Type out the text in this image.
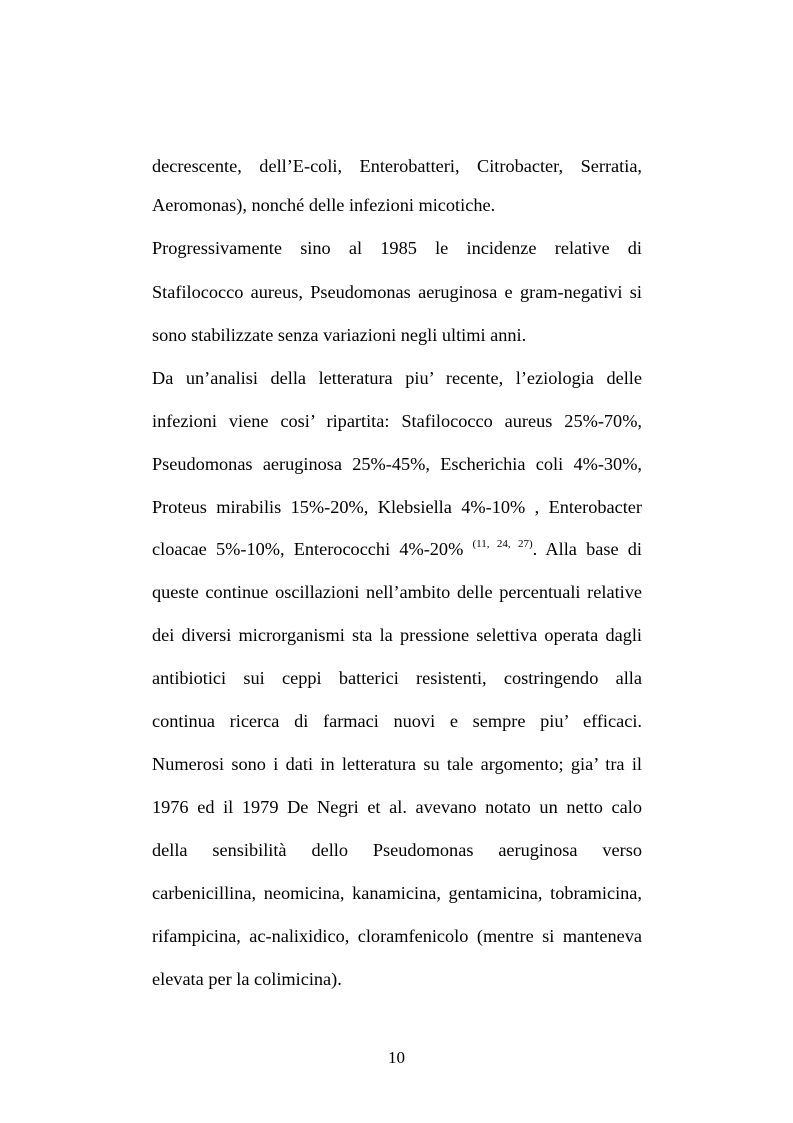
decrescente, dell’E-coli, Enterobatteri, Citrobacter, Serratia,
Aeromonas), nonché delle infezioni micotiche.
Progressivamente sino al 1985 le incidenze relative di
Stafilococco aureus, Pseudomonas aeruginosa e gram-negativi si
sono stabilizzate senza variazioni negli ultimi anni.
Da un’analisi della letteratura piu’ recente, l’eziologia delle
infezioni viene cosi’ ripartita: Stafilococco aureus 25%-70%,
Pseudomonas aeruginosa 25%-45%, Escherichia coli 4%-30%,
Proteus mirabilis 15%-20%, Klebsiella 4%-10% , Enterobacter
cloacae 5%-10%, Enterococchi 4%-20% $^{(11, 24, 27)}$. Alla base di
queste continue oscillazioni nell’ambito delle percentuali relative
dei diversi microrganismi sta la pressione selettiva operata dagli
antibiotici sui ceppi batterici resistenti, costringendo alla
continua ricerca di farmaci nuovi e sempre piu’ efficaci.
Numerosi sono i dati in letteratura su tale argomento; gia’ tra il
1976 ed il 1979 De Negri et al. avevano notato un netto calo
della sensibilità dello Pseudomonas aeruginosa verso
carbenicillina, neomicina, kanamicina, gentamicina, tobramicina,
rifampicina, ac-nalixidico, cloramfenicolo (mentre si manteneva
elevata per la colimicina).
10
